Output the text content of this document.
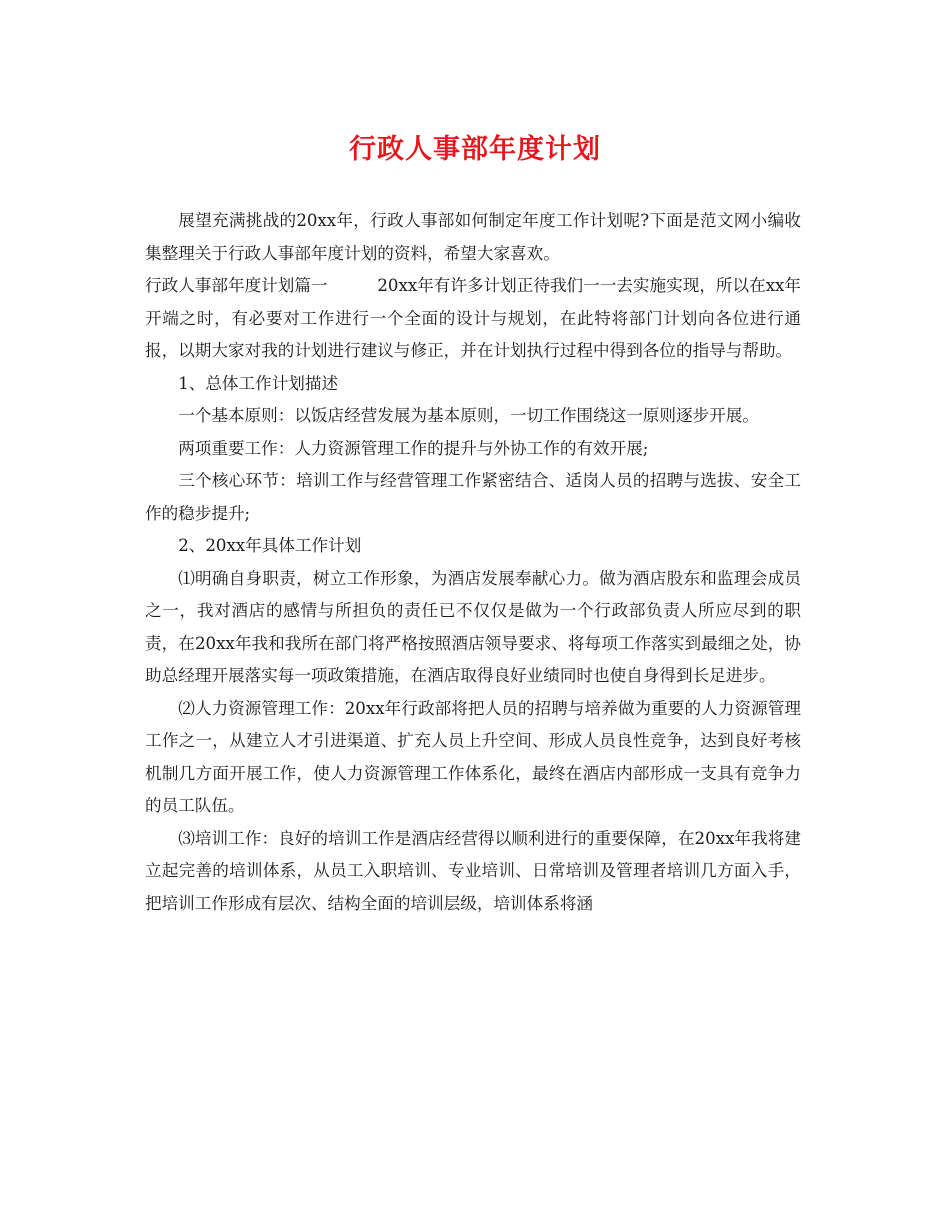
行政人事部年度计划

展望充满挑战的20xx年，行政人事部如何制定年度工作计划呢?下面是范文网小编收集整理关于行政人事部年度计划的资料，希望大家喜欢。

行政人事部年度计划篇一	20xx年有许多计划正待我们一一去实施实现，所以在xx年开端之时，有必要对工作进行一个全面的设计与规划，在此特将部门计划向各位进行通报，以期大家对我的计划进行建议与修正，并在计划执行过程中得到各位的指导与帮助。

1、总体工作计划描述

一个基本原则：以饭店经营发展为基本原则，一切工作围绕这一原则逐步开展。

两项重要工作：人力资源管理工作的提升与外协工作的有效开展;

三个核心环节：培训工作与经营管理工作紧密结合、适岗人员的招聘与选拔、安全工作的稳步提升;

2、20xx年具体工作计划

⑴明确自身职责，树立工作形象，为酒店发展奉献心力。做为酒店股东和监理会成员之一，我对酒店的感情与所担负的责任已不仅仅是做为一个行政部负责人所应尽到的职责，在20xx年我和我所在部门将严格按照酒店领导要求、将每项工作落实到最细之处，协助总经理开展落实每一项政策措施，在酒店取得良好业绩同时也使自身得到长足进步。

⑵人力资源管理工作：20xx年行政部将把人员的招聘与培养做为重要的人力资源管理工作之一，从建立人才引进渠道、扩充人员上升空间、形成人员良性竞争，达到良好考核机制几方面开展工作，使人力资源管理工作体系化，最终在酒店内部形成一支具有竞争力的员工队伍。

⑶培训工作：良好的培训工作是酒店经营得以顺利进行的重要保障，在20xx年我将建立起完善的培训体系，从员工入职培训、专业培训、日常培训及管理者培训几方面入手，把培训工作形成有层次、结构全面的培训层级，培训体系将涵
